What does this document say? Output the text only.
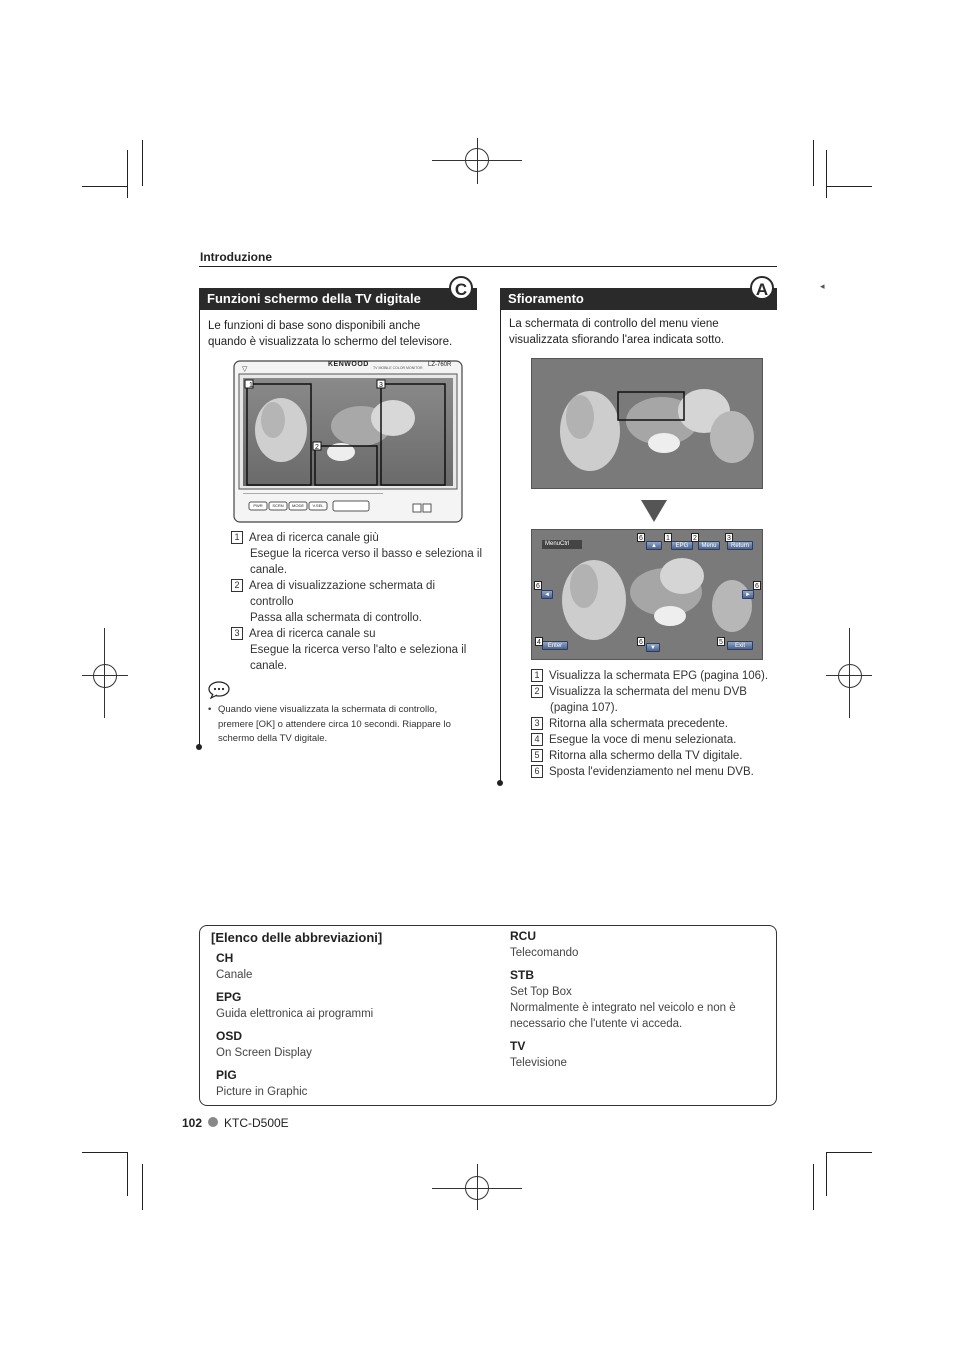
Introduzione
Funzioni schermo della TV digitale	C
Le funzioni di base sono disponibili anche
quando è visualizzata lo schermo del televisore.
1	3
2
▽
KENWOOD TV MOBILE COLOR MONITOR LZ-760R
PWR	SCRN	MODE	V.SEL
1 Area di ricerca canale giù
Esegue la ricerca verso il basso e seleziona il
canale.
2 Area di visualizzazione schermata di
controllo
Passa alla schermata di controllo.
3 Area di ricerca canale su
Esegue la ricerca verso l'alto e seleziona il
canale.
• Quando viene visualizzata la schermata di controllo,
premere [OK] o attendere circa 10 secondi. Riappare lo
schermo della TV digitale.
Sfioramento	A	◂
La schermata di controllo del menu viene
visualizzata sfiorando l'area indicata sotto.
MenuCtrl	▲	EPG	Menu	Return
◄	►
Enter	▼	Exit
6	1	2	3
6	6
4	6	5
1 Visualizza la schermata EPG (pagina 106).
2 Visualizza la schermata del menu DVB
(pagina 107).
3 Ritorna alla schermata precedente.
4 Esegue la voce di menu selezionata.
5 Ritorna alla schermo della TV digitale.
6 Sposta l'evidenziamento nel menu DVB.
[Elenco delle abbreviazioni]
CH
Canale
EPG
Guida elettronica ai programmi
OSD
On Screen Display
PIG
Picture in Graphic
RCU
Telecomando
STB
Set Top Box
Normalmente è integrato nel veicolo e non è
necessario che l'utente vi acceda.
TV
Televisione
102 KTC-D500E
